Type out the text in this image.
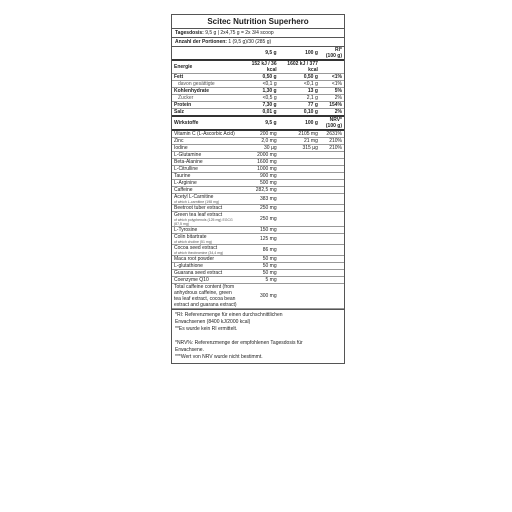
Scitec Nutrition Superhero
Tagesdosis: 9,5 g | 2x4,75 g = 2x 3/4 scoop
Anzahl der Portionen: 1 (9,5 g)/30 (285 g)
	9,5 g	100 g	RI*
(100 g)

Energie	152 kJ / 36 kcal	1602 kJ / 377 kcal	
Fett	0,50 g	0,50 g	<1%
davon gesättigte	<0,1 g	<0,1 g	<1%
Kohlenhydrate	1,30 g	13 g	5%
Zucker	<0,5 g	2,1 g	2%
Protein	7,30 g	77 g	154%
Salz	0,01 g	0,10 g	2%
Wirkstoffe	9,5 g	100 g	NRV*
(100 g)

Vitamin C (L-Ascorbic Acid)	200 mg	2105 mg	2631%
Zinc	2,0 mg	21 mg	210%
Iodine	30 µg	315 µg	210%
L-Glutamine	2000 mg		
Beta-Alanine	1600 mg		
L-Citrulline	1000 mg		
Taurine	900 mg		
L-Arginine	500 mg		
Caffeine	282,5 mg		
Acetyl L-Carnitine
of which L-carnitine (198 mg)	383 mg		
Beetroot tuber extract	250 mg		
Green tea leaf extract
of which polyphenols (125 mg) EGCG (87,5 mg)	250 mg		
L-Tyrosine	150 mg		
Colin bitartrate
of which choline (51 mg)	125 mg		
Cocoa seed extract
of which theobromine (34,4 mg)	86 mg		
Maca root powder	50 mg		
L-glutathione	50 mg		
Guarana seed extract	50 mg		
Coenzyme Q10	5 mg		
Total caffeine content (from anhydrous caffeine, green tea leaf extract, cocoa bean extract and guarana extract)	300 mg		
*RI: Referenzmenge für einen durchschnittlichen
Erwachsenen (8400 kJ/2000 kcal)
**Es wurde kein RI ermittelt.

*NRV%: Referenzmenge der empfohlenen Tagesdosis für
Erwachsene.
***Wert von NRV wurde nicht bestimmt.
